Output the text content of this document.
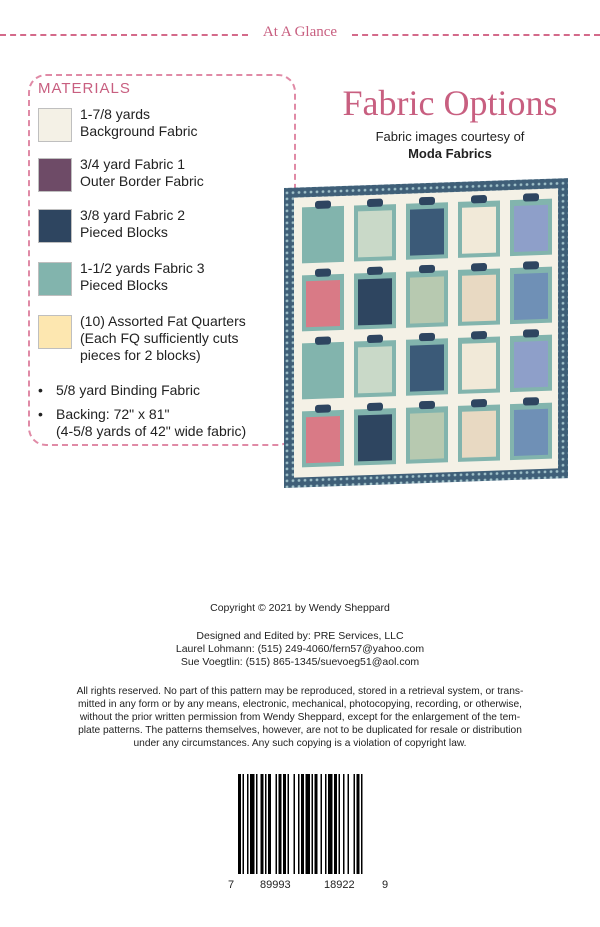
At A Glance
MATERIALS
1-7/8 yards
Background Fabric
3/4 yard Fabric 1
Outer Border Fabric
3/8 yard Fabric 2
Pieced Blocks
1-1/2 yards Fabric 3
Pieced Blocks
(10) Assorted Fat Quarters
(Each FQ sufficiently cuts
pieces for 2 blocks)
• 5/8 yard Binding Fabric
• Backing: 72" x 81"
(4-5/8 yards of 42" wide fabric)
Fabric Options
Fabric images courtesy of
Moda Fabrics
Copyright © 2021 by Wendy Sheppard
Designed and Edited by: PRE Services, LLC
Laurel Lohmann: (515) 249-4060/fern57@yahoo.com
Sue Voegtlin: (515) 865-1345/suevoeg51@aol.com
All rights reserved. No part of this pattern may be reproduced, stored in a retrieval system, or trans-
mitted in any form or by any means, electronic, mechanical, photocopying, recording, or otherwise,
without the prior written permission from Wendy Sheppard, except for the enlargement of the tem-
plate patterns. The patterns themselves, however, are not to be duplicated for resale or distribution
under any circumstances. Any such copying is a violation of copyright law.
7 89993	18922 9
